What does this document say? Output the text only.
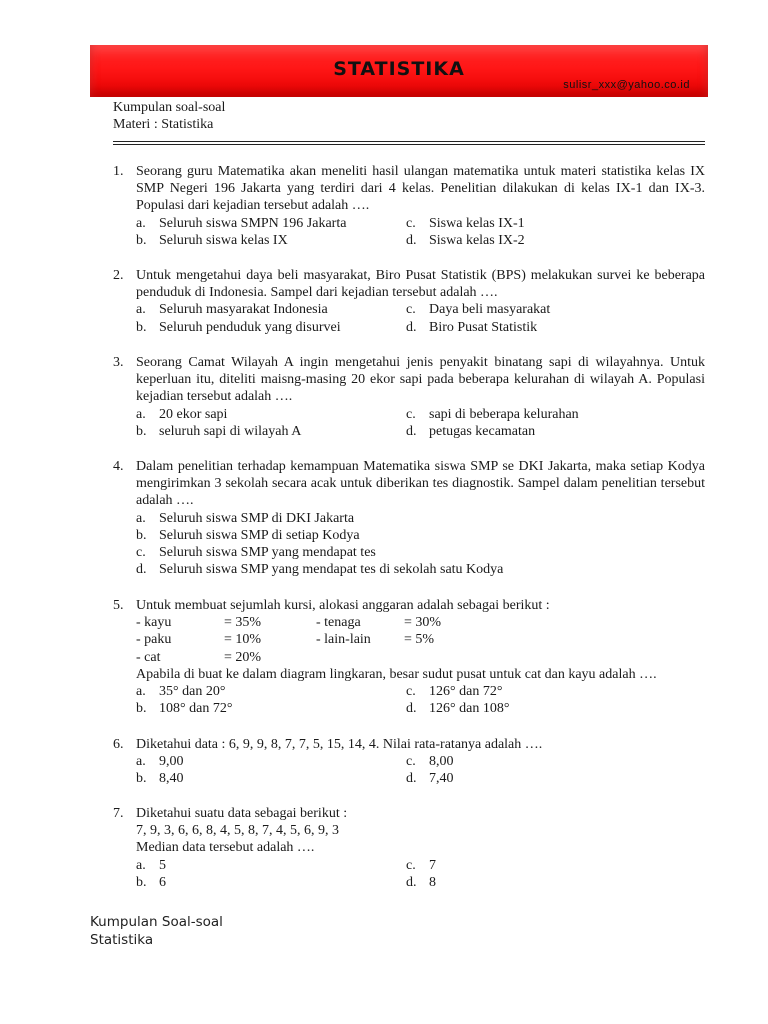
STATISTIKA
sulisr_xxx@yahoo.co.id
Kumpulan soal-soal
Materi : Statistika
1. Seorang guru Matematika akan meneliti hasil ulangan matematika untuk materi statistika kelas IX SMP Negeri 196 Jakarta yang terdiri dari 4 kelas. Penelitian dilakukan di kelas IX-1 dan IX-3. Populasi dari kejadian tersebut adalah ….
a. Seluruh siswa SMPN 196 Jakarta	c. Siswa kelas IX-1
b. Seluruh siswa kelas IX	d. Siswa kelas IX-2
2. Untuk mengetahui daya beli masyarakat, Biro Pusat Statistik (BPS) melakukan survei ke beberapa penduduk di Indonesia. Sampel dari kejadian tersebut adalah ….
a. Seluruh masyarakat Indonesia	c. Daya beli masyarakat
b. Seluruh penduduk yang disurvei	d. Biro Pusat Statistik
3. Seorang Camat Wilayah A ingin mengetahui jenis penyakit binatang sapi di wilayahnya. Untuk keperluan itu, diteliti maisng-masing 20 ekor sapi pada beberapa kelurahan di wilayah A. Populasi kejadian tersebut adalah ….
a. 20 ekor sapi	c. sapi di beberapa kelurahan
b. seluruh sapi di wilayah A	d. petugas kecamatan
4. Dalam penelitian terhadap kemampuan Matematika siswa SMP se DKI Jakarta, maka setiap Kodya mengirimkan 3 sekolah secara acak untuk diberikan tes diagnostik. Sampel dalam penelitian tersebut adalah ….
a. Seluruh siswa SMP di DKI Jakarta
b. Seluruh siswa SMP di setiap Kodya
c. Seluruh siswa SMP yang mendapat tes
d. Seluruh siswa SMP yang mendapat tes di sekolah satu Kodya
5. Untuk membuat sejumlah kursi, alokasi anggaran adalah sebagai berikut :
- kayu	= 35%	- tenaga	= 30%
- paku	= 10%	- lain-lain	= 5%
- cat	= 20%
Apabila di buat ke dalam diagram lingkaran, besar sudut pusat untuk cat dan kayu adalah ….
a. 35° dan 20°	c. 126° dan 72°
b. 108° dan 72°	d. 126° dan 108°
6. Diketahui data : 6, 9, 9, 8, 7, 7, 5, 15, 14, 4. Nilai rata-ratanya adalah ….
a. 9,00	c. 8,00
b. 8,40	d. 7,40
7. Diketahui suatu data sebagai berikut :
7, 9, 3, 6, 6, 8, 4, 5, 8, 7, 4, 5, 6, 9, 3
Median data tersebut adalah ….
a. 5	c. 7
b. 6	d. 8
Kumpulan Soal-soal
Statistika
